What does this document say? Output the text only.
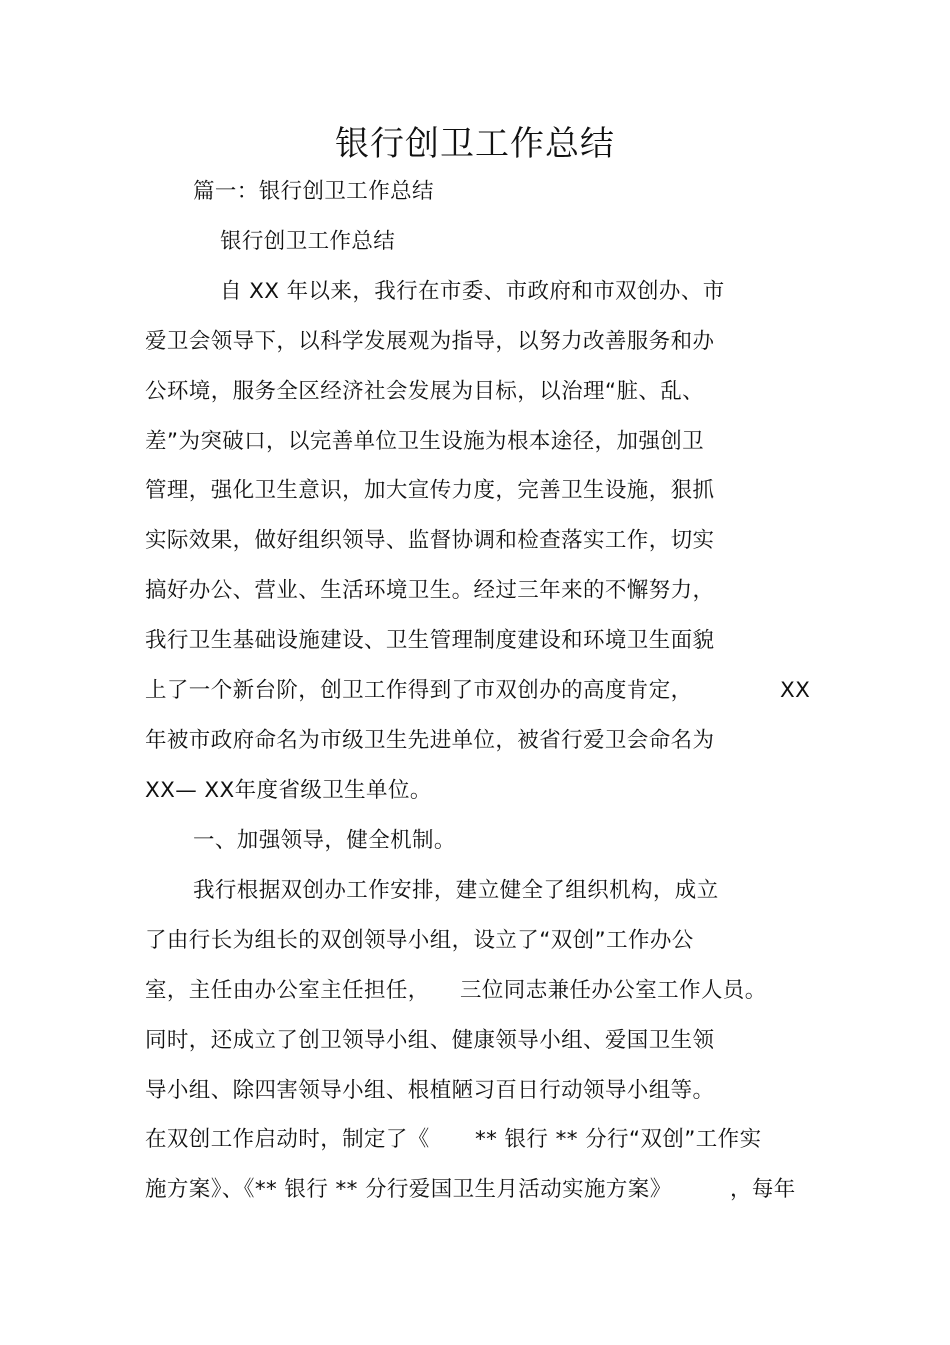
银行创卫工作总结
篇一：银行创卫工作总结
银行创卫工作总结
自 XX 年以来，我行在市委、市政府和市双创办、市
爱卫会领导下，以科学发展观为指导，以努力改善服务和办
公环境，服务全区经济社会发展为目标，以治理“脏、乱、
差”为突破口，以完善单位卫生设施为根本途径，加强创卫
管理，强化卫生意识，加大宣传力度，完善卫生设施，狠抓
实际效果，做好组织领导、监督协调和检查落实工作，切实
搞好办公、营业、生活环境卫生。经过三年来的不懈努力，
我行卫生基础设施建设、卫生管理制度建设和环境卫生面貌
上了一个新台阶，创卫工作得到了市双创办的高度肯定，	XX
年被市政府命名为市级卫生先进单位，被省行爱卫会命名为
XX— XX年度省级卫生单位。
一、加强领导，健全机制。
我行根据双创办工作安排，建立健全了组织机构，成立
了由行长为组长的双创领导小组，设立了“双创”工作办公
室，主任由办公室主任担任， 三位同志兼任办公室工作人员。
同时，还成立了创卫领导小组、健康领导小组、爱国卫生领
导小组、除四害领导小组、根植陋习百日行动领导小组等。
在双创工作启动时，制定了《 ** 银行 ** 分行“双创”工作实
施方案》、《** 银行 ** 分行爱国卫生月活动实施方案》	，每年
